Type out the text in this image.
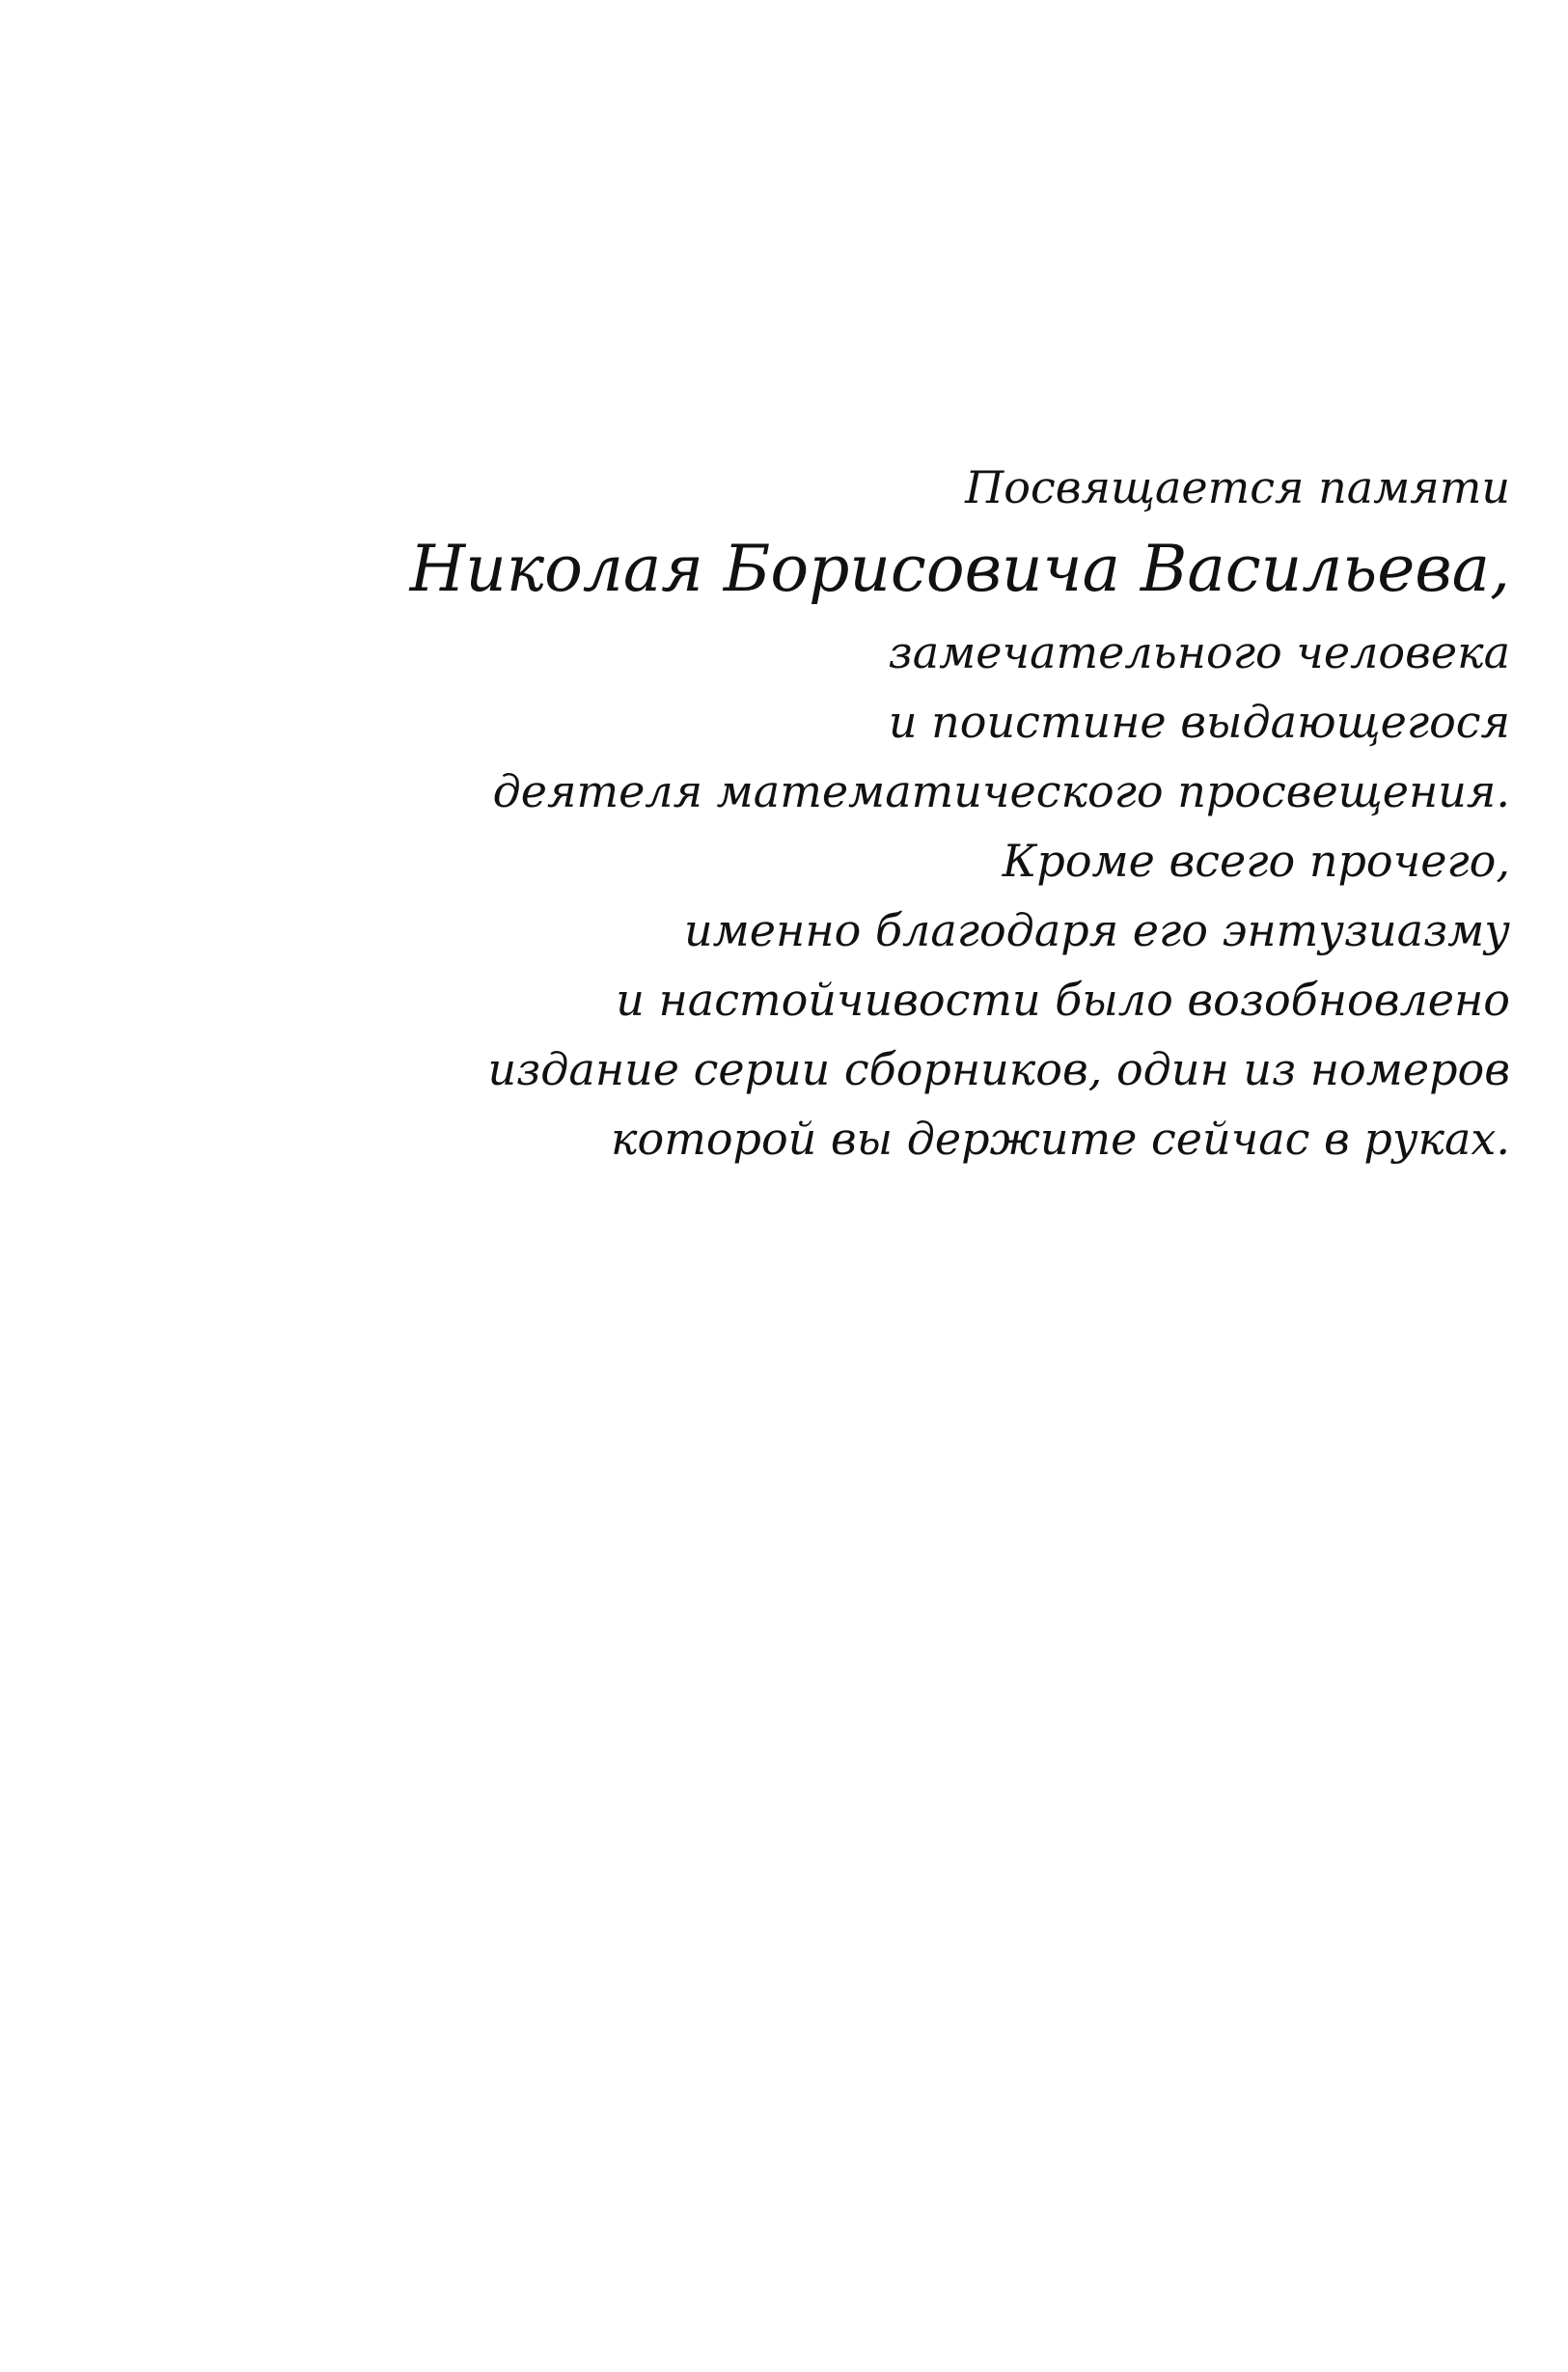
Посвящается памяти
Николая Борисовича Васильева,
замечательного человека
и поистине выдающегося
деятеля математического просвещения.
Кроме всего прочего,
именно благодаря его энтузиазму
и настойчивости было возобновлено
издание серии сборников, один из номеров
которой вы держите сейчас в руках.
